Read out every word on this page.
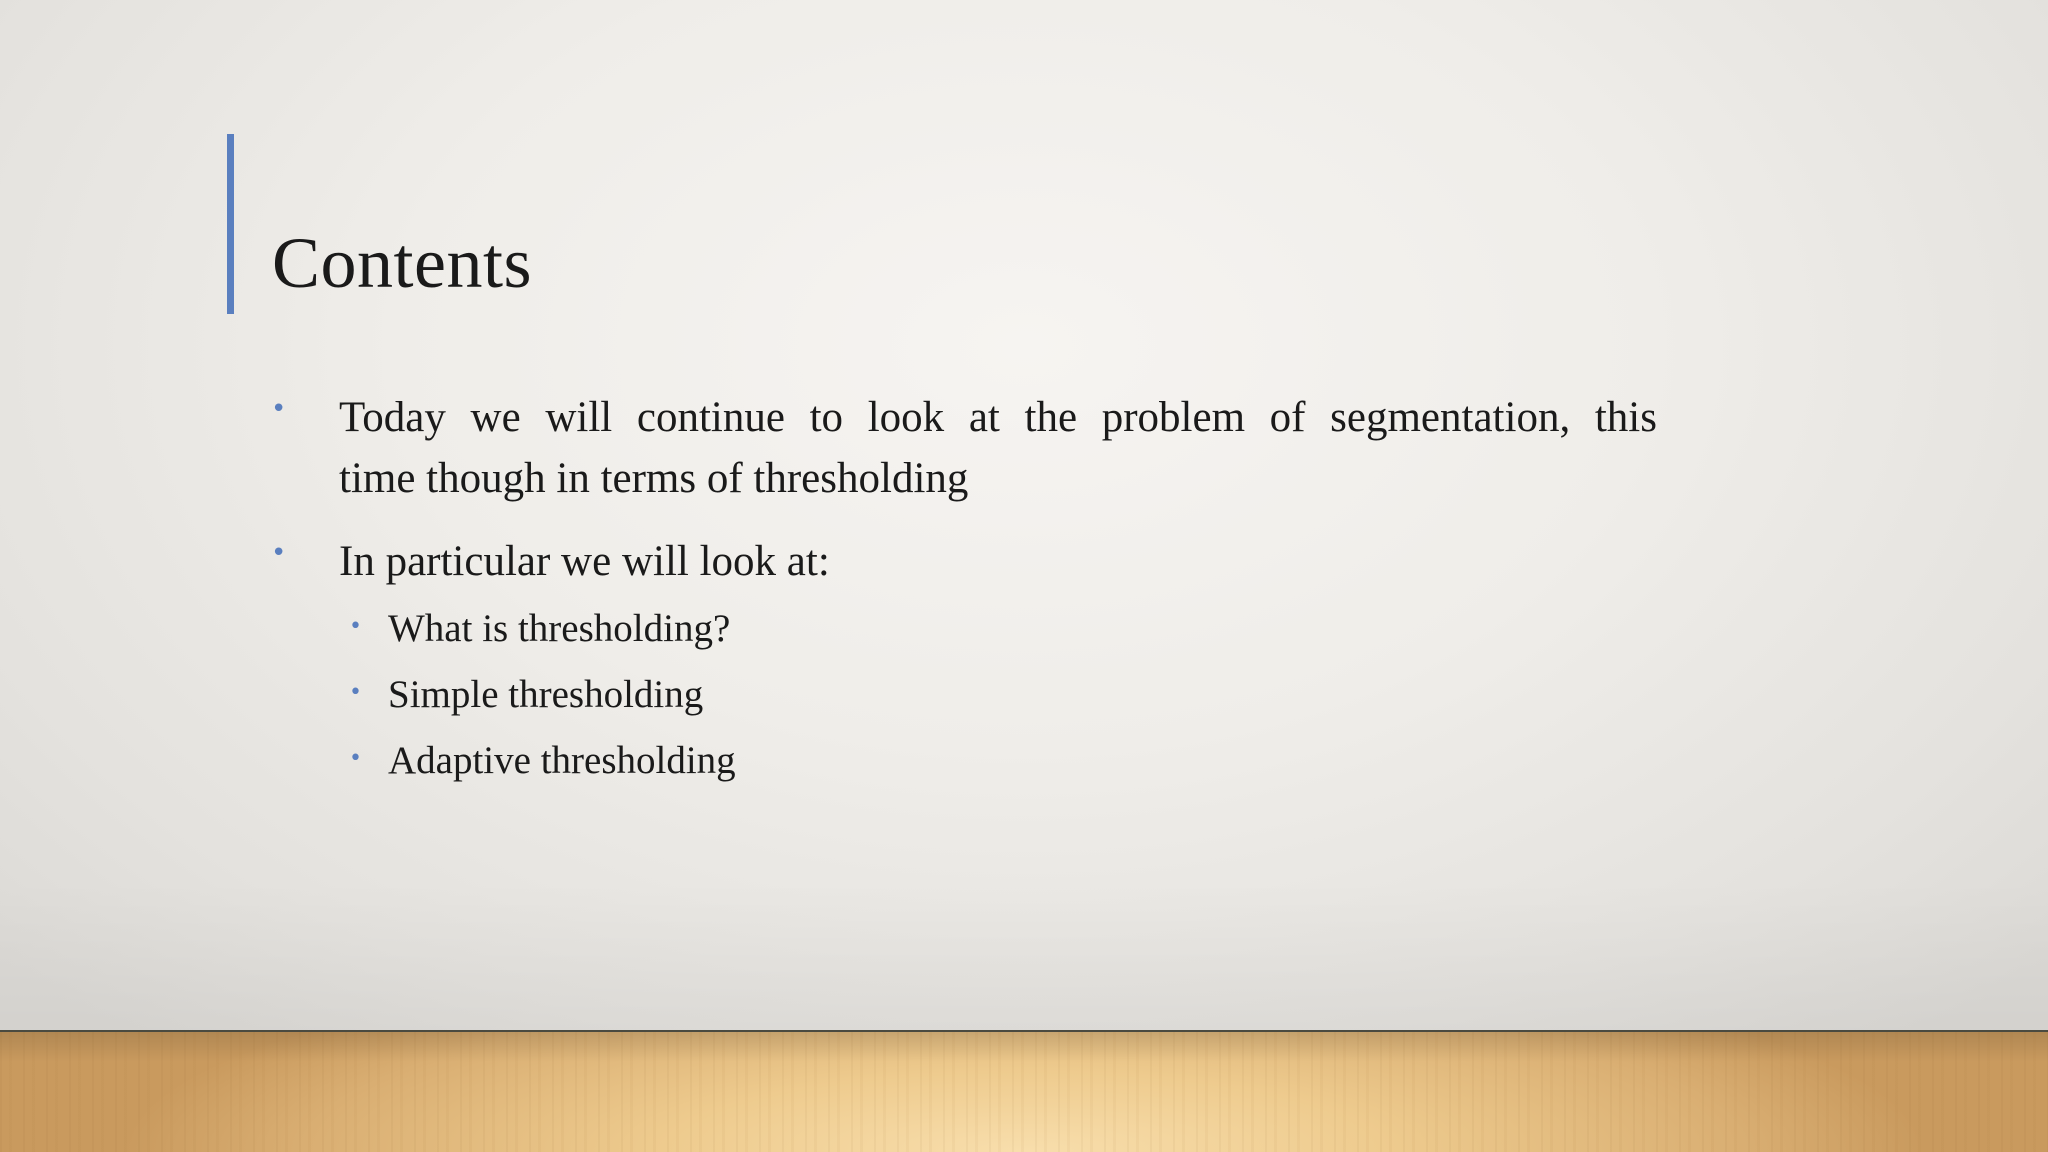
Contents
• Today we will continue to look at the problem of segmentation, this
time though in terms of thresholding
• In particular we will look at:
• What is thresholding?
• Simple thresholding
• Adaptive thresholding
